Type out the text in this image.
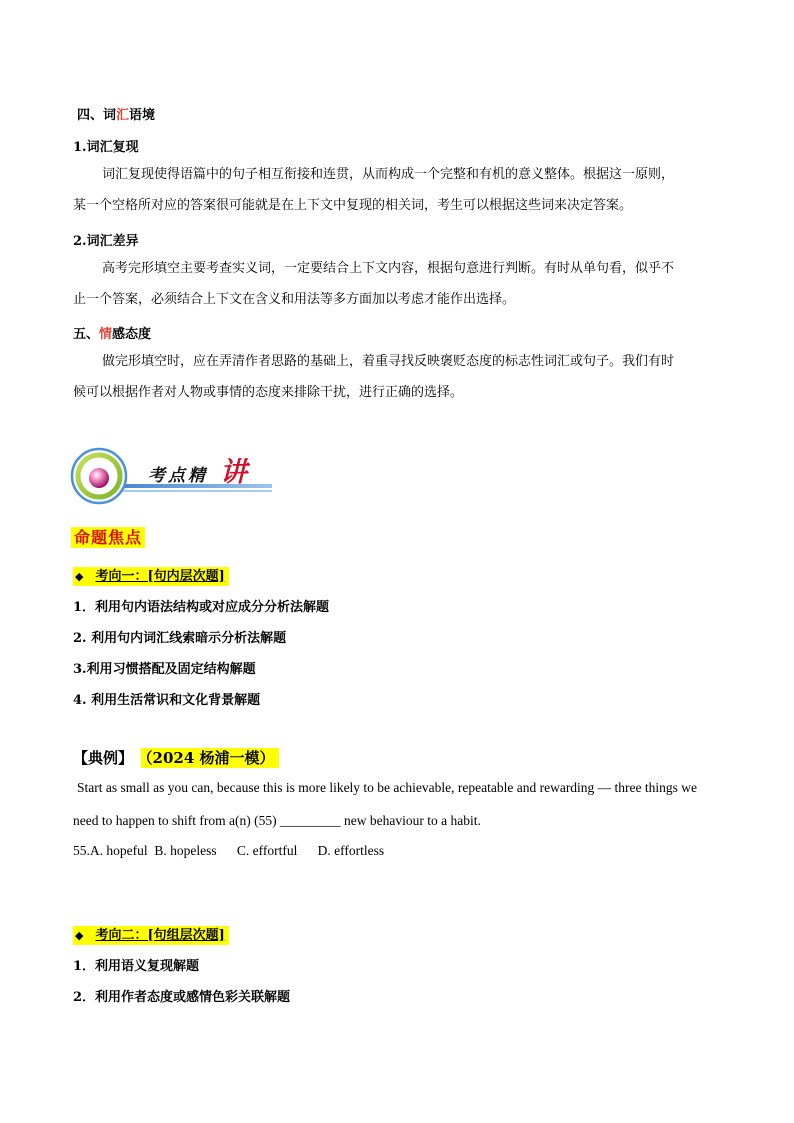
四、词汇语境
1.词汇复现
词汇复现使得语篇中的句子相互衔接和连贯，从而构成一个完整和有机的意义整体。根据这一原则，
某一个空格所对应的答案很可能就是在上下文中复现的相关词，考生可以根据这些词来决定答案。
2.词汇差异
高考完形填空主要考查实义词，一定要结合上下文内容，根据句意进行判断。有时从单句看，似乎不
止一个答案，必须结合上下文在含义和用法等多方面加以考虑才能作出选择。
五、情感态度
做完形填空时，应在弄清作者思路的基础上，着重寻找反映褒贬态度的标志性词汇或句子。我们有时
候可以根据作者对人物或事情的态度来排除干扰，进行正确的选择。
考点精 讲
命题焦点
◆ 考向一：[句内层次题]
1．利用句内语法结构或对应成分分析法解题
2. 利用句内词汇线索暗示分析法解题
3.利用习惯搭配及固定结构解题
4. 利用生活常识和文化背景解题
【典例】 （2024 杨浦一模）
Start as small as you can, because this is more likely to be achievable, repeatable and rewarding — three things we
need to happen to shift from a(n) (55) _________ new behaviour to a habit.
55.A. hopeful  B. hopeless      C. effortful      D. effortless
◆ 考向二：[句组层次题]
1．利用语义复现解题
2．利用作者态度或感情色彩关联解题
